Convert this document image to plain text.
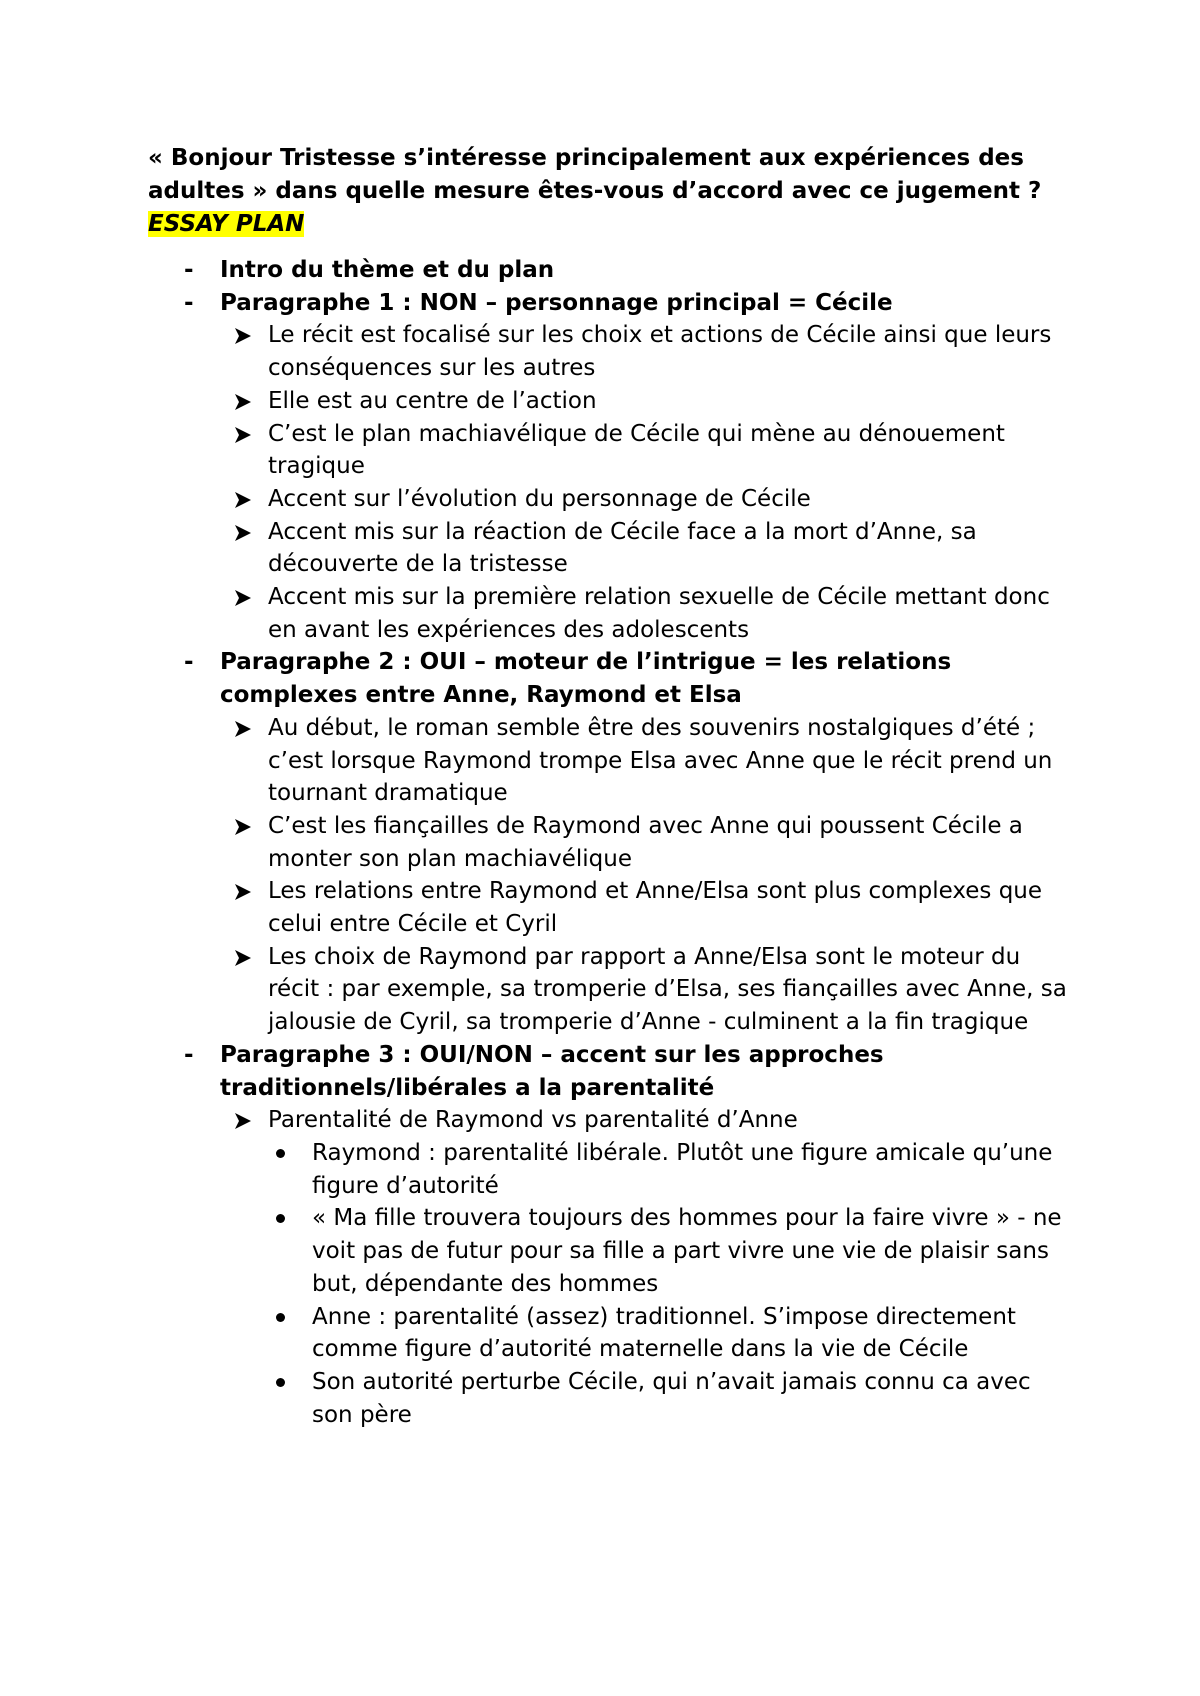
« Bonjour Tristesse s’intéresse principalement aux expériences des adultes » dans quelle mesure êtes-vous d’accord avec ce jugement ? ESSAY PLAN
- Intro du thème et du plan
- Paragraphe 1 : NON – personnage principal = Cécile
Le récit est focalisé sur les choix et actions de Cécile ainsi que leurs conséquences sur les autres
Elle est au centre de l’action
C’est le plan machiavélique de Cécile qui mène au dénouement tragique
Accent sur l’évolution du personnage de Cécile
Accent mis sur la réaction de Cécile face a la mort d’Anne, sa découverte de la tristesse
Accent mis sur la première relation sexuelle de Cécile mettant donc en avant les expériences des adolescents
- Paragraphe 2 : OUI – moteur de l’intrigue = les relations complexes entre Anne, Raymond et Elsa
Au début, le roman semble être des souvenirs nostalgiques d’été ; c’est lorsque Raymond trompe Elsa avec Anne que le récit prend un tournant dramatique
C’est les fiançailles de Raymond avec Anne qui poussent Cécile a monter son plan machiavélique
Les relations entre Raymond et Anne/Elsa sont plus complexes que celui entre Cécile et Cyril
Les choix de Raymond par rapport a Anne/Elsa sont le moteur du récit : par exemple, sa tromperie d’Elsa, ses fiançailles avec Anne, sa jalousie de Cyril, sa tromperie d’Anne - culminent a la fin tragique
- Paragraphe 3 : OUI/NON – accent sur les approches traditionnels/libérales a la parentalité
Parentalité de Raymond vs parentalité d’Anne
Raymond : parentalité libérale. Plutôt une figure amicale qu’une figure d’autorité
« Ma fille trouvera toujours des hommes pour la faire vivre » - ne voit pas de futur pour sa fille a part vivre une vie de plaisir sans but, dépendante des hommes
Anne : parentalité (assez) traditionnel. S’impose directement comme figure d’autorité maternelle dans la vie de Cécile
Son autorité perturbe Cécile, qui n’avait jamais connu ca avec son père
